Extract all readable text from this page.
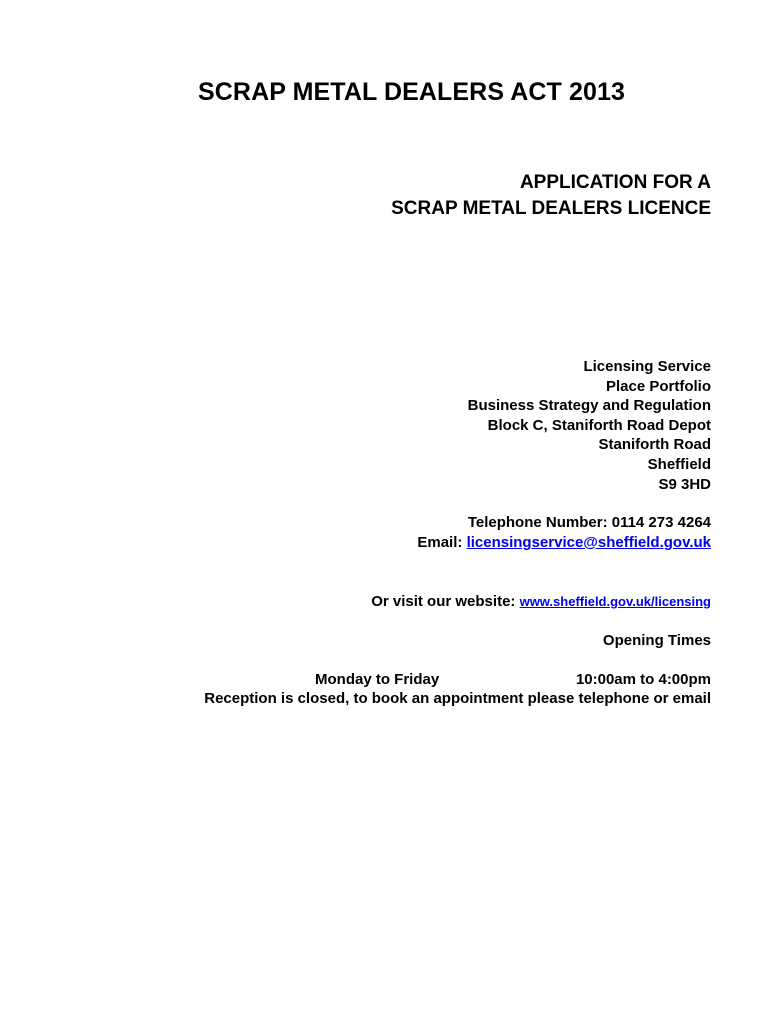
SCRAP METAL DEALERS ACT 2013
APPLICATION FOR A
SCRAP METAL DEALERS LICENCE
Licensing Service
Place Portfolio
Business Strategy and Regulation
Block C, Staniforth Road Depot
Staniforth Road
Sheffield
S9 3HD
Telephone Number: 0114 273 4264
Email: licensingservice@sheffield.gov.uk
Or visit our website: www.sheffield.gov.uk/licensing
Opening Times
Monday to Friday	10:00am to 4:00pm
Reception is closed, to book an appointment please telephone or email
